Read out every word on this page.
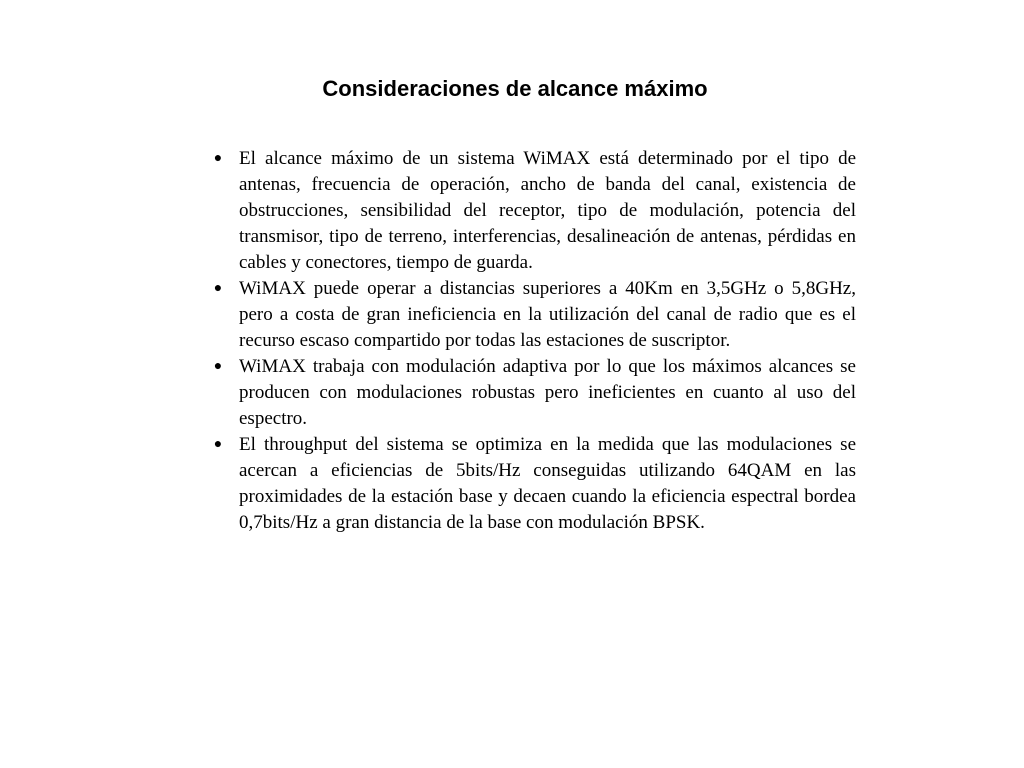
Consideraciones de alcance máximo
● El alcance máximo de un sistema WiMAX está determinado por el tipo de antenas, frecuencia de operación, ancho de banda del canal, existencia de obstrucciones, sensibilidad del receptor, tipo de modulación, potencia del transmisor, tipo de terreno, interferencias, desalineación de antenas, pérdidas en cables y conectores, tiempo de guarda.
● WiMAX puede operar a distancias superiores a 40Km en 3,5GHz o 5,8GHz, pero a costa de gran ineficiencia en la utilización del canal de radio que es el recurso escaso compartido por todas las estaciones de suscriptor.
● WiMAX trabaja con modulación adaptiva por lo que los máximos alcances se producen con modulaciones robustas pero ineficientes en cuanto al uso del espectro.
● El throughput del sistema se optimiza en la medida que las modulaciones se acercan a eficiencias de 5bits/Hz conseguidas utilizando 64QAM en las proximidades de la estación base y decaen cuando la eficiencia espectral bordea 0,7bits/Hz a gran distancia de la base con modulación BPSK.
